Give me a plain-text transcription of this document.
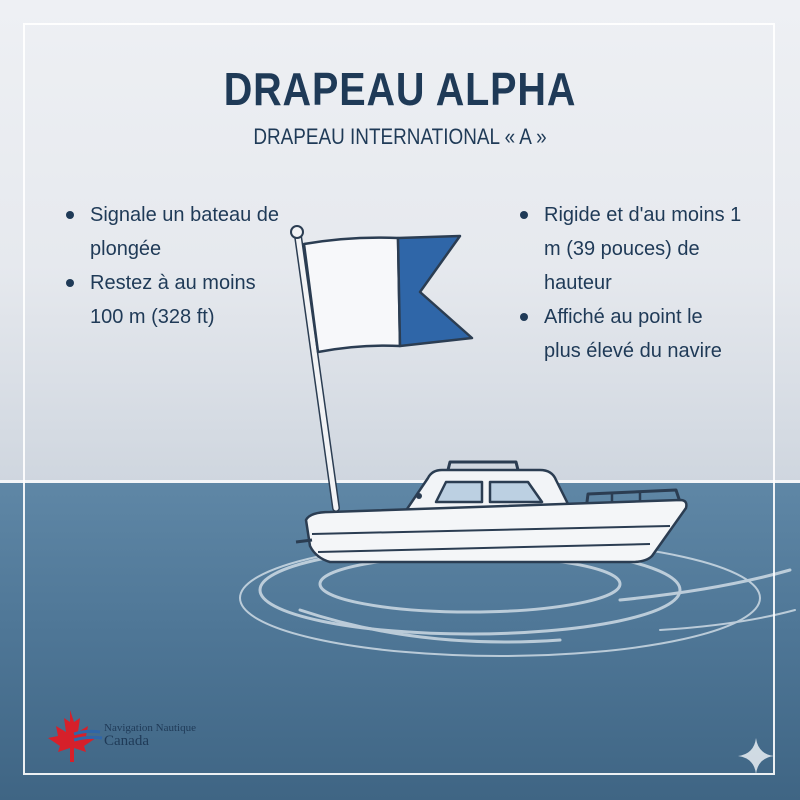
DRAPEAU ALPHA
DRAPEAU INTERNATIONAL « A »
Signale un bateau de plongée
Restez à au moins 100 m (328 ft)
Rigide et d'au moins 1 m (39 pouces) de hauteur
Affiché au point le plus élevé du navire
Navigation Nautique
Canada
